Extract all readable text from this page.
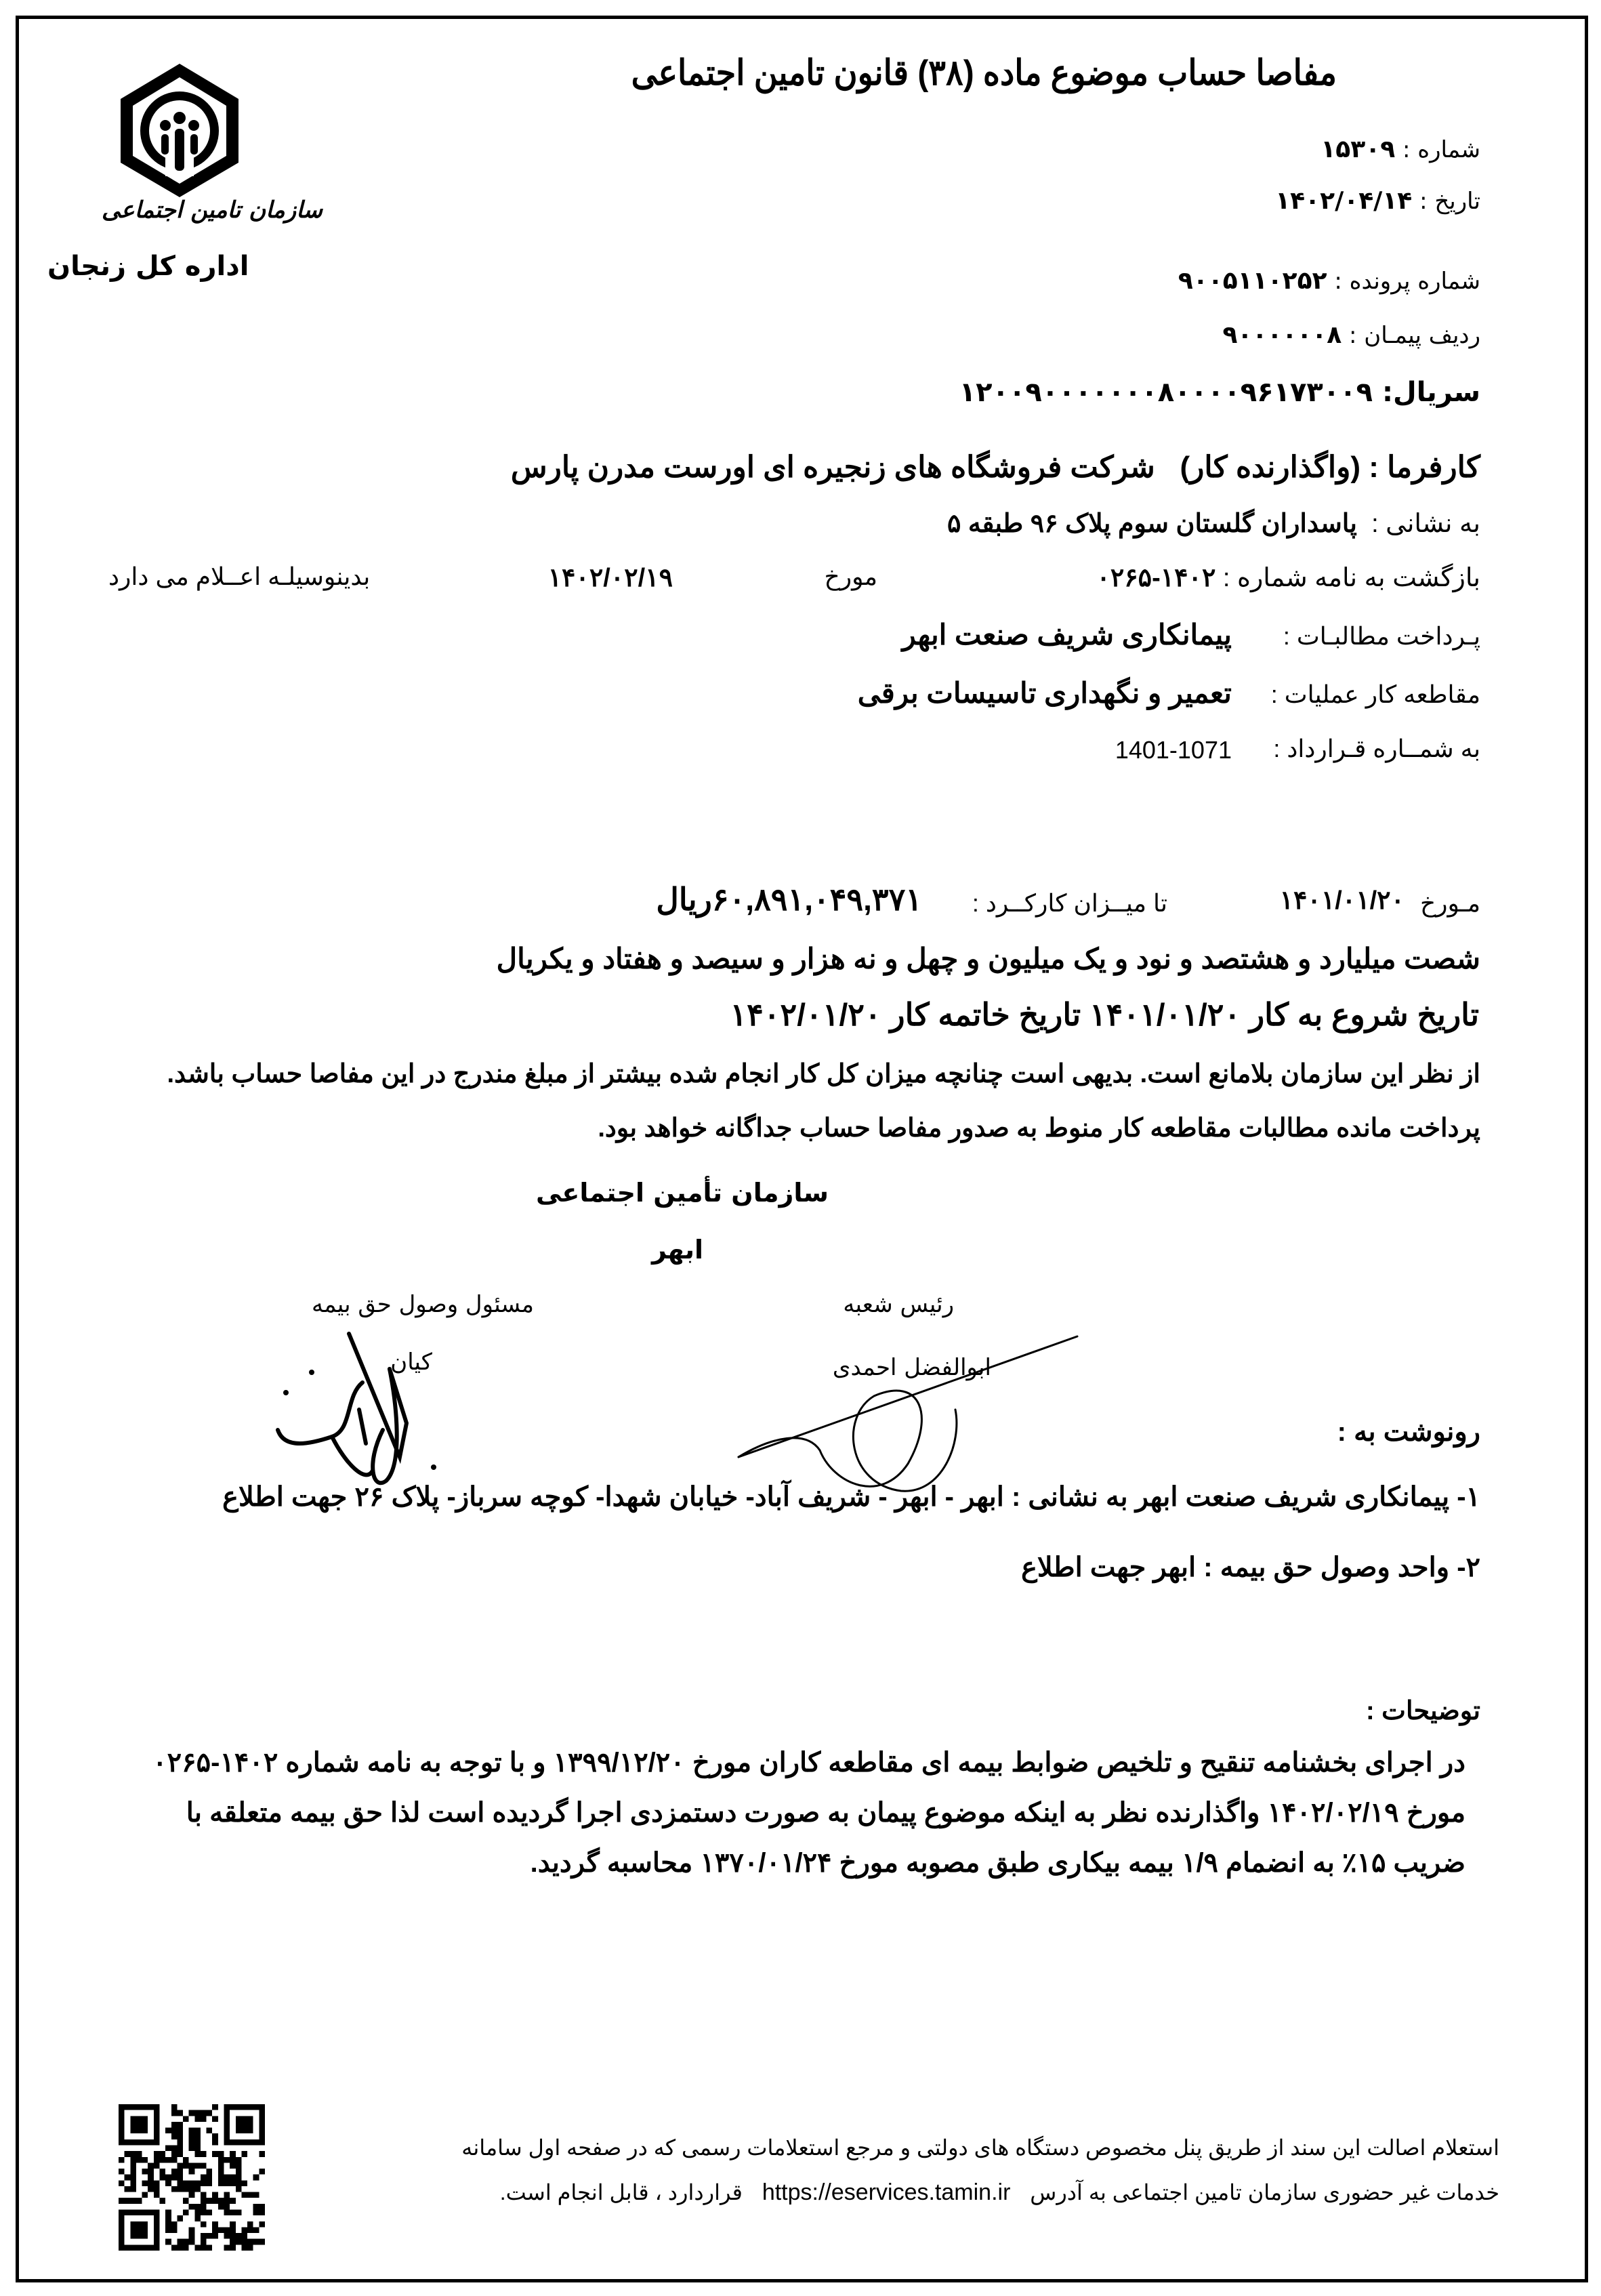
مفاصا حساب موضوع ماده (۳۸) قانون تامین اجتماعی
سازمان تامین اجتماعی
اداره کل زنجان
شماره : ۱۵۳۰۹
تاریخ : ۱۴۰۲/۰۴/۱۴
شماره پرونده : ۹۰۰۵۱۱۰۲۵۲
ردیف پیمـان : ۹۰۰۰۰۰۰۸
سریال: ۱۲۰۰۹۰۰۰۰۰۰۰۸۰۰۰۰۹۶۱۷۳۰۰۹
کارفرما : (واگذارنده کار)   شرکت فروشگاه های زنجیره ای اورست مدرن پارس
به نشانی :  پاسداران گلستان سوم پلاک ۹۶ طبقه ۵
بازگشت به نامه شماره : ۱۴۰۲-۰۲۶۵
مورخ
۱۴۰۲/۰۲/۱۹
بدینوسیلـه اعــلام می دارد
پـرداخت مطالبـات :
پیمانکاری شریف صنعت ابهر
مقاطعه کار عملیات :
تعمیر و نگهداری تاسیسات برقی
به شمــاره قـرارداد :
1401-1071
مـورخ
۱۴۰۱/۰۱/۲۰
تا میــزان کارکــرد :
۶۰,۸۹۱,۰۴۹,۳۷۱ریال
شصت میلیارد و هشتصد و نود و یک میلیون و چهل و نه هزار و سیصد و هفتاد و یکریال
تاریخ شروع به کار ۱۴۰۱/۰۱/۲۰ تاریخ خاتمه کار ۱۴۰۲/۰۱/۲۰
از نظر این سازمان بلامانع است. بدیهی است چنانچه میزان کل کار انجام شده بیشتر از مبلغ مندرج در این مفاصا حساب باشد.
پرداخت مانده مطالبات مقاطعه کار منوط به صدور مفاصا حساب جداگانه خواهد بود.
سازمان تأمین اجتماعی
ابهر
مسئول وصول حق بیمه	رئیس شعبه
کیان	ابوالفضل احمدی
رونوشت به :
۱- پیمانکاری شریف صنعت ابهر به نشانی : ابهر - ابهر - شریف آباد- خیابان شهدا- کوچه سرباز- پلاک ۲۶ جهت اطلاع
۲- واحد وصول حق بیمه : ابهر جهت اطلاع
توضیحات :
در اجرای بخشنامه تنقیح و تلخیص ضوابط بیمه ای مقاطعه کاران مورخ ۱۳۹۹/۱۲/۲۰ و با توجه به نامه شماره ۱۴۰۲-۰۲۶۵
مورخ ۱۴۰۲/۰۲/۱۹ واگذارنده نظر به اینکه موضوع پیمان به صورت دستمزدی اجرا گردیده است لذا حق بیمه متعلقه با
ضریب ۱۵٪ به انضمام ۱/۹ بیمه بیکاری طبق مصوبه مورخ ۱۳۷۰/۰۱/۲۴ محاسبه گردید.
استعلام اصالت این سند از طریق پنل مخصوص دستگاه های دولتی و مرجع استعلامات رسمی که در صفحه اول سامانه
خدمات غیر حضوری سازمان تامین اجتماعی به آدرس https://eservices.tamin.ir قراردارد ، قابل انجام است.
